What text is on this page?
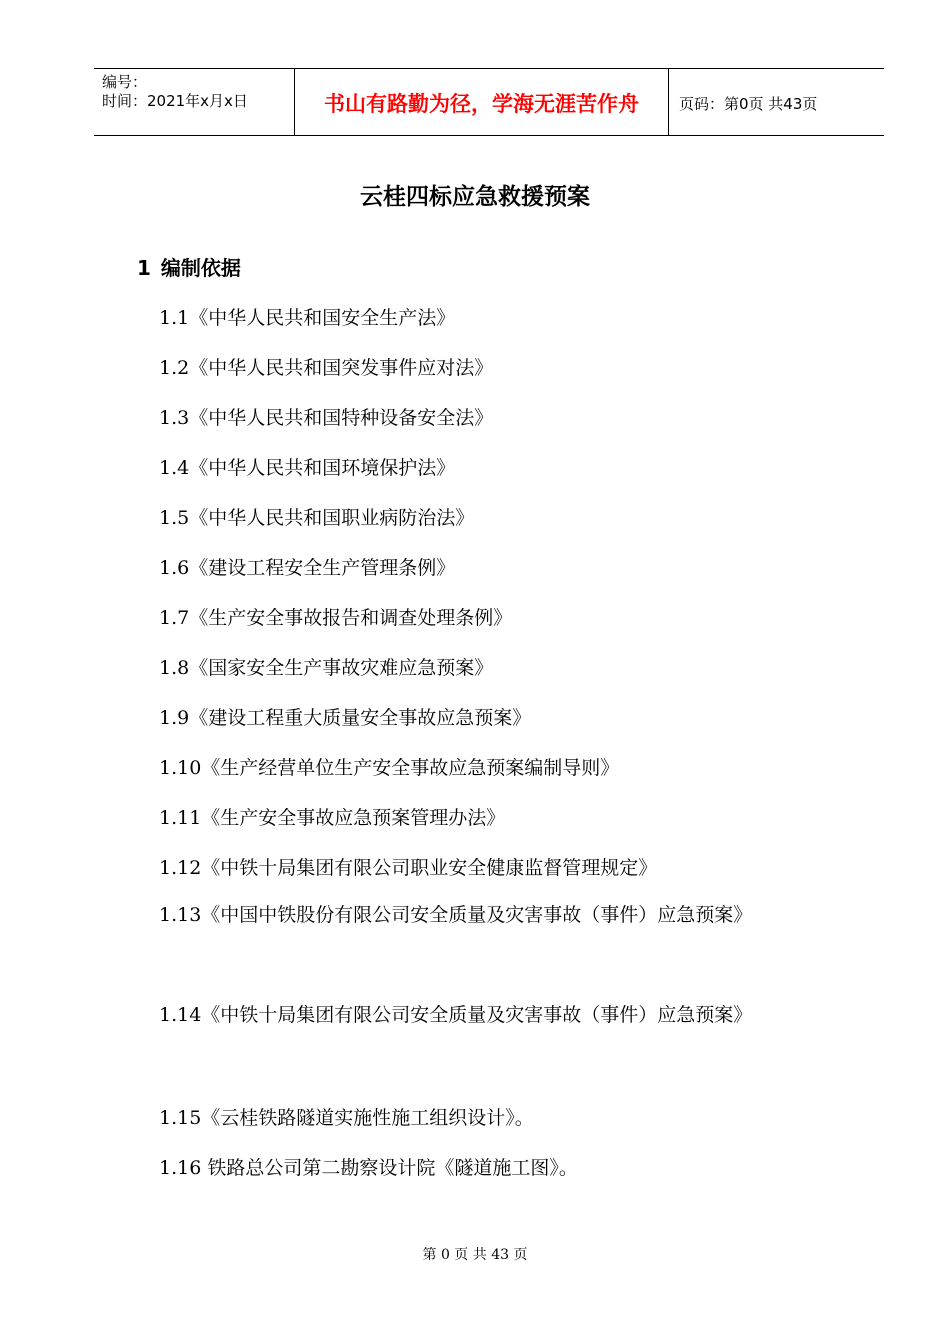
编号：
时间：2021年x月x日	书山有路勤为径，学海无涯苦作舟	页码：第0页 共43页
云桂四标应急救援预案
1 编制依据
1.1《中华人民共和国安全生产法》
1.2《中华人民共和国突发事件应对法》
1.3《中华人民共和国特种设备安全法》
1.4《中华人民共和国环境保护法》
1.5《中华人民共和国职业病防治法》
1.6《建设工程安全生产管理条例》
1.7《生产安全事故报告和调查处理条例》
1.8《国家安全生产事故灾难应急预案》
1.9《建设工程重大质量安全事故应急预案》
1.10《生产经营单位生产安全事故应急预案编制导则》
1.11《生产安全事故应急预案管理办法》
1.12《中铁十局集团有限公司职业安全健康监督管理规定》
1.13《中国中铁股份有限公司安全质量及灾害事故（事件）应急预案》
1.14《中铁十局集团有限公司安全质量及灾害事故（事件）应急预案》
1.15《云桂铁路隧道实施性施工组织设计》。
1.16 铁路总公司第二勘察设计院《隧道施工图》。
第 0 页 共 43 页
